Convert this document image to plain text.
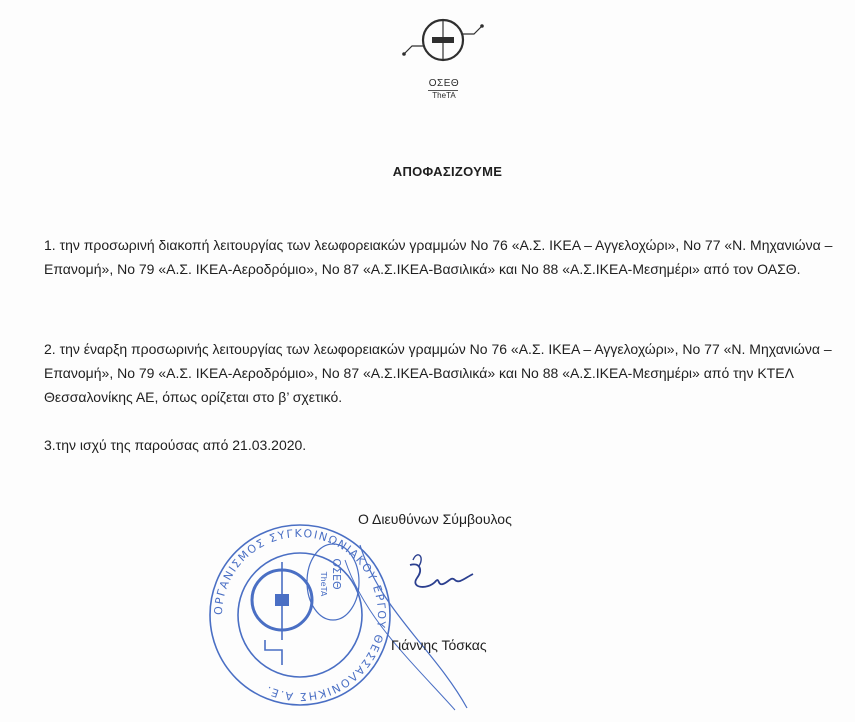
ΟΣΕΘ
TheTA
ΑΠΟΦΑΣΙΖΟΥΜΕ
1. την προσωρινή διακοπή λειτουργίας των λεωφορειακών γραμμών Νο 76 «Α.Σ. ΙΚΕΑ – Αγγελοχώρι», Νο 77 «Ν. Μηχανιώνα – Επανομή», Νο 79 «Α.Σ. ΙΚΕΑ-Αεροδρόμιο», Νο 87 «Α.Σ.ΙΚΕΑ-Βασιλικά» και Νο 88 «Α.Σ.ΙΚΕΑ-Μεσημέρι» από τον ΟΑΣΘ.
2. την έναρξη προσωρινής λειτουργίας των λεωφορειακών γραμμών Νο 76 «Α.Σ. ΙΚΕΑ – Αγγελοχώρι», Νο 77 «Ν. Μηχανιώνα – Επανομή», Νο 79 «Α.Σ. ΙΚΕΑ-Αεροδρόμιο», Νο 87 «Α.Σ.ΙΚΕΑ-Βασιλικά» και Νο 88 «Α.Σ.ΙΚΕΑ-Μεσημέρι» από την ΚΤΕΛ Θεσσαλονίκης ΑΕ, όπως ορίζεται στο β’ σχετικό.
3.την ισχύ της παρούσας από 21.03.2020.
ΟΡΓΑΝΙΣΜΟΣ ΣΥΓΚΟΙΝΩΝΙΑΚΟΥ ΕΡΓΟΥ ΘΕΣΣΑΛΟΝΙΚΗΣ Α.Ε.
ΟΣΕΘ
TheTA
Ο Διευθύνων Σύμβουλος
Γιάννης Τόσκας
